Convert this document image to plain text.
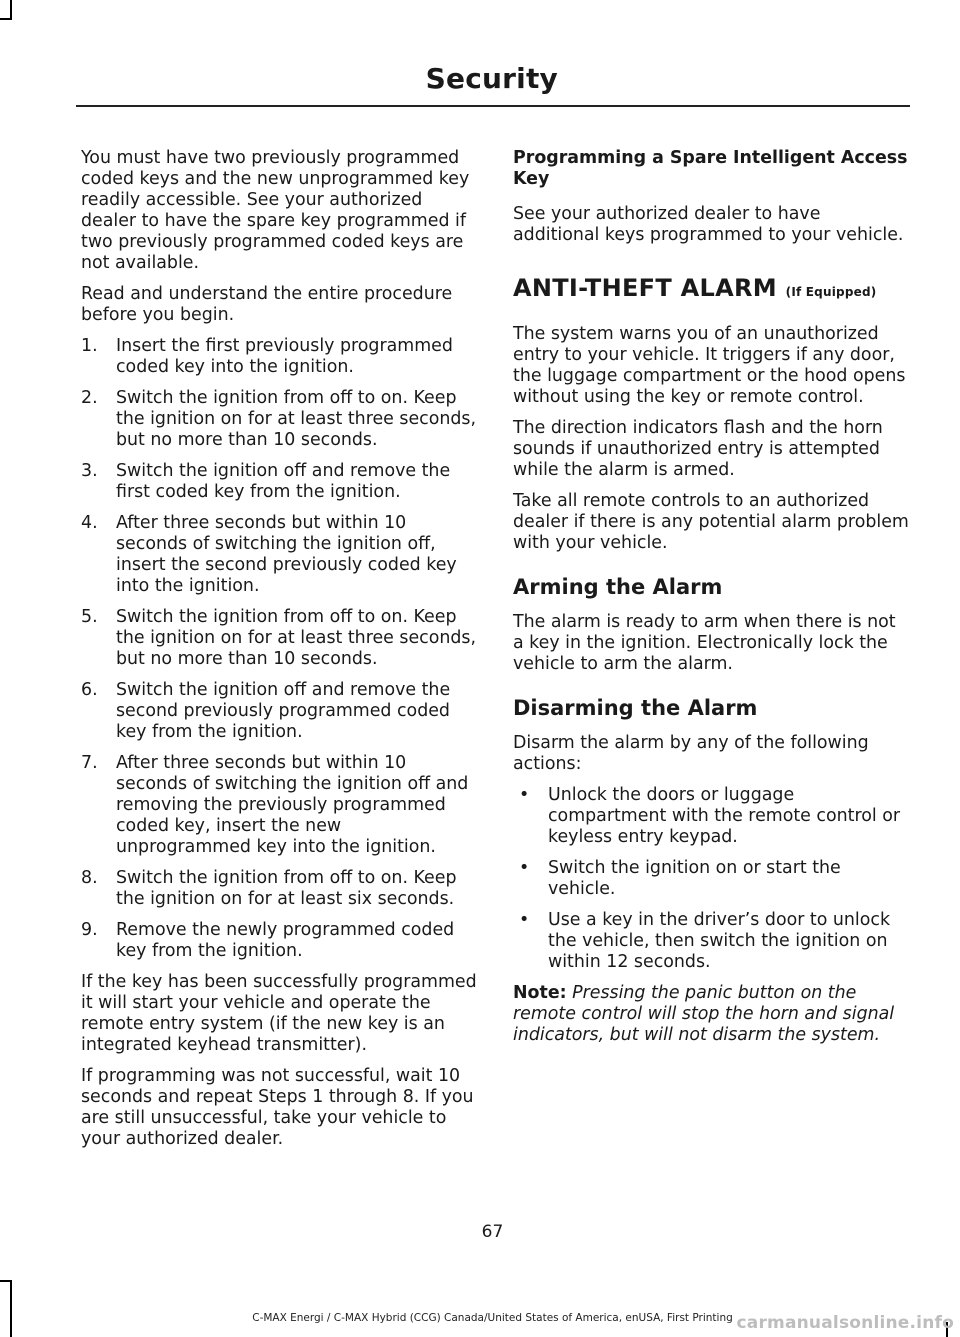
Security

You must have two previously programmed coded keys and the new unprogrammed key readily accessible. See your authorized dealer to have the spare key programmed if two previously programmed coded keys are not available.

Read and understand the entire procedure before you begin.

1. Insert the first previously programmed coded key into the ignition.
2. Switch the ignition from off to on. Keep the ignition on for at least three seconds, but no more than 10 seconds.
3. Switch the ignition off and remove the first coded key from the ignition.
4. After three seconds but within 10 seconds of switching the ignition off, insert the second previously coded key into the ignition.
5. Switch the ignition from off to on. Keep the ignition on for at least three seconds, but no more than 10 seconds.
6. Switch the ignition off and remove the second previously programmed coded key from the ignition.
7. After three seconds but within 10 seconds of switching the ignition off and removing the previously programmed coded key, insert the new unprogrammed key into the ignition.
8. Switch the ignition from off to on. Keep the ignition on for at least six seconds.
9. Remove the newly programmed coded key from the ignition.

If the key has been successfully programmed it will start your vehicle and operate the remote entry system (if the new key is an integrated keyhead transmitter).

If programming was not successful, wait 10 seconds and repeat Steps 1 through 8. If you are still unsuccessful, take your vehicle to your authorized dealer.

Programming a Spare Intelligent Access Key

See your authorized dealer to have additional keys programmed to your vehicle.

ANTI-THEFT ALARM (If Equipped)

The system warns you of an unauthorized entry to your vehicle. It triggers if any door, the luggage compartment or the hood opens without using the key or remote control.

The direction indicators flash and the horn sounds if unauthorized entry is attempted while the alarm is armed.

Take all remote controls to an authorized dealer if there is any potential alarm problem with your vehicle.

Arming the Alarm

The alarm is ready to arm when there is not a key in the ignition. Electronically lock the vehicle to arm the alarm.

Disarming the Alarm

Disarm the alarm by any of the following actions:

• Unlock the doors or luggage compartment with the remote control or keyless entry keypad.
• Switch the ignition on or start the vehicle.
• Use a key in the driver’s door to unlock the vehicle, then switch the ignition on within 12 seconds.

Note: Pressing the panic button on the remote control will stop the horn and signal indicators, but will not disarm the system.

67
C-MAX Energi / C-MAX Hybrid (CCG) Canada/United States of America, enUSA, First Printing carmanualsonline.info
